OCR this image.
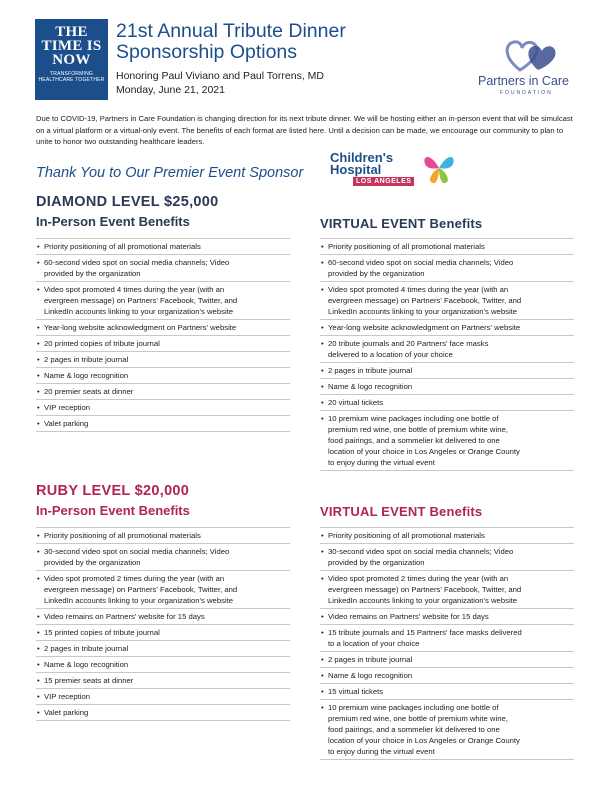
THE
TIME IS
NOW
TRANSFORMING HEALTHCARE TOGETHER
21st Annual Tribute Dinner
Sponsorship Options
Honoring Paul Viviano and Paul Torrens, MD
Monday, June 21, 2021
Partners in Care
FOUNDATION
Due to COVID-19, Partners in Care Foundation is changing direction for its next tribute dinner. We will be hosting either an in-person event that will be simulcast on a virtual platform or a virtual-only event. The benefits of each format are listed here. Until a decision can be made, we encourage our community to plan to unite to honor two outstanding healthcare leaders.
Thank You to Our Premier Event Sponsor
Children's
Hospital
LOS ANGELES
DIAMOND LEVEL $25,000
In-Person Event Benefits	VIRTUAL EVENT Benefits
• Priority positioning of all promotional materials
• 60-second video spot on social media channels; Video
provided by the organization
• Video spot promoted 4 times during the year (with an
evergreen message) on Partners' Facebook, Twitter, and
LinkedIn accounts linking to your organization's website
• Year-long website acknowledgment on Partners' website
• 20 printed copies of tribute journal
• 2 pages in tribute journal
• Name & logo recognition
• 20 premier seats at dinner
• VIP reception
• Valet parking
• Priority positioning of all promotional materials
• 60-second video spot on social media channels; Video
provided by the organization
• Video spot promoted 4 times during the year (with an
evergreen message) on Partners' Facebook, Twitter, and
LinkedIn accounts linking to your organization's website
• Year-long website acknowledgment on Partners' website
• 20 tribute journals and 20 Partners' face masks
delivered to a location of your choice
• 2 pages in tribute journal
• Name & logo recognition
• 20 virtual tickets
• 10 premium wine packages including one bottle of
premium red wine, one bottle of premium white wine,
food pairings, and a sommelier kit delivered to one
location of your choice in Los Angeles or Orange County
to enjoy during the virtual event
RUBY LEVEL $20,000
In-Person Event Benefits	VIRTUAL EVENT Benefits
• Priority positioning of all promotional materials
• 30-second video spot on social media channels; Video
provided by the organization
• Video spot promoted 2 times during the year (with an
evergreen message) on Partners' Facebook, Twitter, and
LinkedIn accounts linking to your organization's website
• Video remains on Partners' website for 15 days
• 15 printed copies of tribute journal
• 2 pages in tribute journal
• Name & logo recognition
• 15 premier seats at dinner
• VIP reception
• Valet parking
• Priority positioning of all promotional materials
• 30-second video spot on social media channels; Video
provided by the organization
• Video spot promoted 2 times during the year (with an
evergreen message) on Partners' Facebook, Twitter, and
LinkedIn accounts linking to your organization's website
• Video remains on Partners' website for 15 days
• 15 tribute journals and 15 Partners' face masks delivered
to a location of your choice
• 2 pages in tribute journal
• Name & logo recognition
• 15 virtual tickets
• 10 premium wine packages including one bottle of
premium red wine, one bottle of premium white wine,
food pairings, and a sommelier kit delivered to one
location of your choice in Los Angeles or Orange County
to enjoy during the virtual event
